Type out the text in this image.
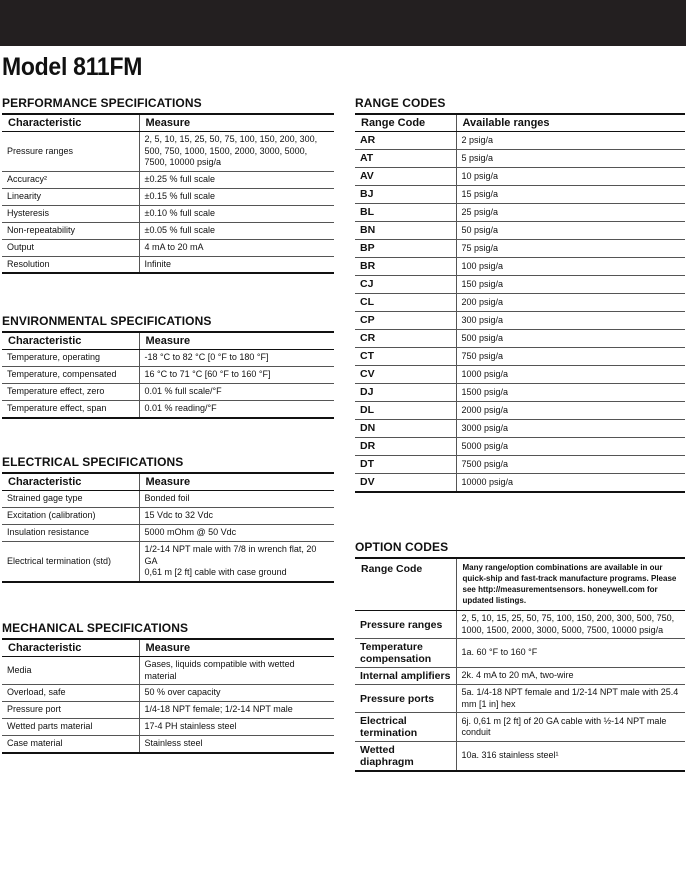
Model 811FM
PERFORMANCE SPECIFICATIONS
Characteristic	Measure
Pressure ranges	2, 5, 10, 15, 25, 50, 75, 100, 150, 200, 300, 500, 750, 1000, 1500, 2000, 3000, 5000, 7500, 10000 psig/a
Accuracy²	±0.25 % full scale
Linearity	±0.15 % full scale
Hysteresis	±0.10 % full scale
Non-repeatability	±0.05 % full scale
Output	4 mA to 20 mA
Resolution	Infinite
ENVIRONMENTAL SPECIFICATIONS
Characteristic	Measure
Temperature, operating	-18 °C to 82 °C [0 °F to 180 °F]
Temperature, compensated	16 °C to 71 °C [60 °F to 160 °F]
Temperature effect, zero	0.01 % full scale/°F
Temperature effect, span	0.01 % reading/°F
ELECTRICAL SPECIFICATIONS
Characteristic	Measure
Strained gage type	Bonded foil
Excitation (calibration)	15 Vdc to 32 Vdc
Insulation resistance	5000 mOhm @ 50 Vdc
Electrical termination (std)	1/2-14 NPT male with 7/8 in wrench flat, 20 GA
0,61 m [2 ft] cable with case ground
MECHANICAL SPECIFICATIONS
Characteristic	Measure
Media	Gases, liquids compatible with wetted material
Overload, safe	50 % over capacity
Pressure port	1/4-18 NPT female; 1/2-14 NPT male
Wetted parts material	17-4 PH stainless steel
Case material	Stainless steel
RANGE CODES
Range Code	Available ranges
AR	2 psig/a
AT	5 psig/a
AV	10 psig/a
BJ	15 psig/a
BL	25 psig/a
BN	50 psig/a
BP	75 psig/a
BR	100 psig/a
CJ	150 psig/a
CL	200 psig/a
CP	300 psig/a
CR	500 psig/a
CT	750 psig/a
CV	1000 psig/a
DJ	1500 psig/a
DL	2000 psig/a
DN	3000 psig/a
DR	5000 psig/a
DT	7500 psig/a
DV	10000 psig/a
OPTION CODES
Range Code	Many range/option combinations are available in our quick-ship and fast-track manufacture programs. Please see http://measurementsensors. honeywell.com for updated listings.
Pressure ranges	2, 5, 10, 15, 25, 50, 75, 100, 150, 200, 300, 500, 750, 1000, 1500, 2000, 3000, 5000, 7500, 10000 psig/a
Temperature compensation	1a. 60 °F to 160 °F
Internal amplifiers	2k. 4 mA to 20 mA, two-wire
Pressure ports	5a. 1/4-18 NPT female and 1/2-14 NPT male with 25.4 mm [1 in] hex
Electrical termination	6j. 0,61 m [2 ft] of 20 GA cable with ½-14 NPT male conduit
Wetted diaphragm	10a. 316 stainless steel¹
